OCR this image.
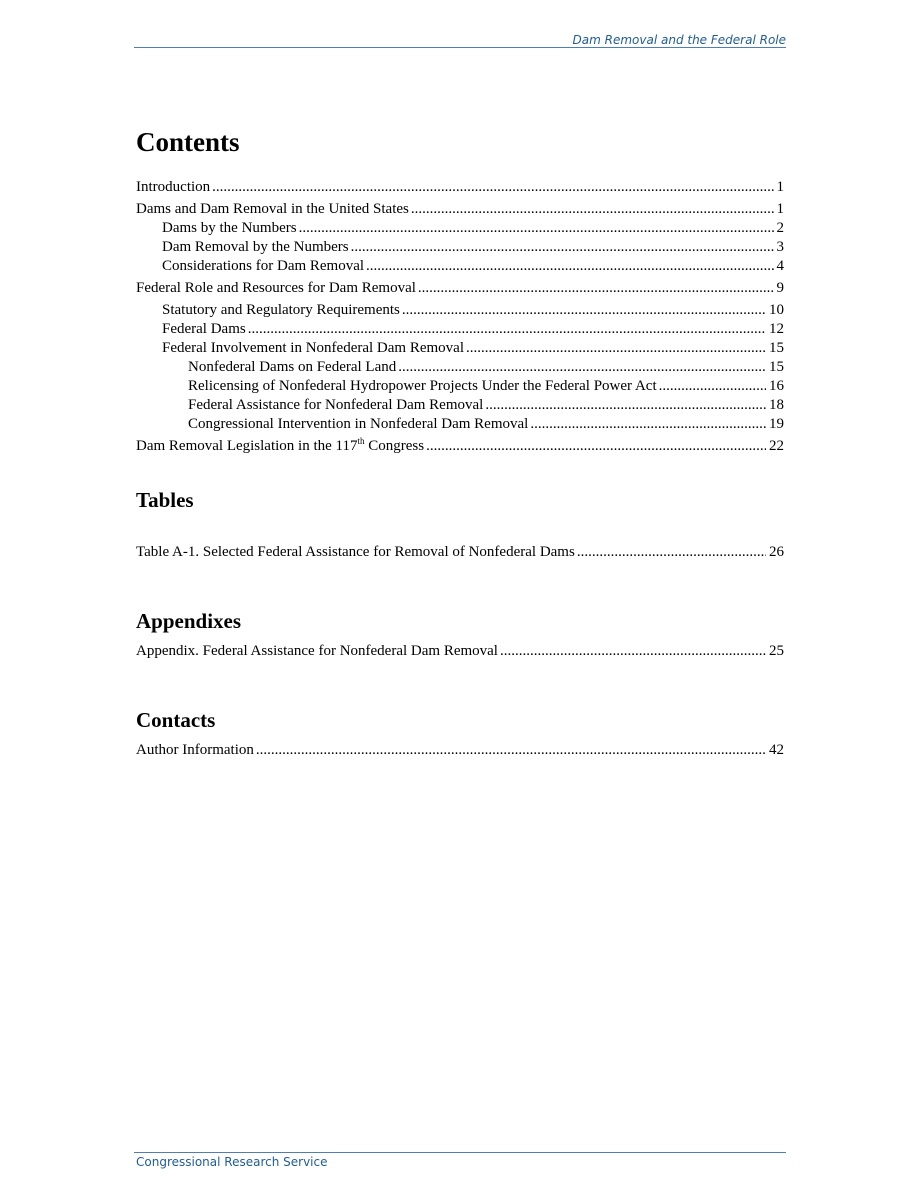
Dam Removal and the Federal Role
Contents
Introduction .....	1
Dams and Dam Removal in the United States .....	1
Dams by the Numbers .....	2
Dam Removal by the Numbers .....	3
Considerations for Dam Removal .....	4
Federal Role and Resources for Dam Removal .....	9
Statutory and Regulatory Requirements .....	10
Federal Dams .....	12
Federal Involvement in Nonfederal Dam Removal .....	15
Nonfederal Dams on Federal Land .....	15
Relicensing of Nonfederal Hydropower Projects Under the Federal Power Act .....	16
Federal Assistance for Nonfederal Dam Removal .....	18
Congressional Intervention in Nonfederal Dam Removal .....	19
Dam Removal Legislation in the 117th Congress .....	22
Tables
Table A-1. Selected Federal Assistance for Removal of Nonfederal Dams .....	26
Appendixes
Appendix. Federal Assistance for Nonfederal Dam Removal .....	25
Contacts
Author Information .....	42
Congressional Research Service
